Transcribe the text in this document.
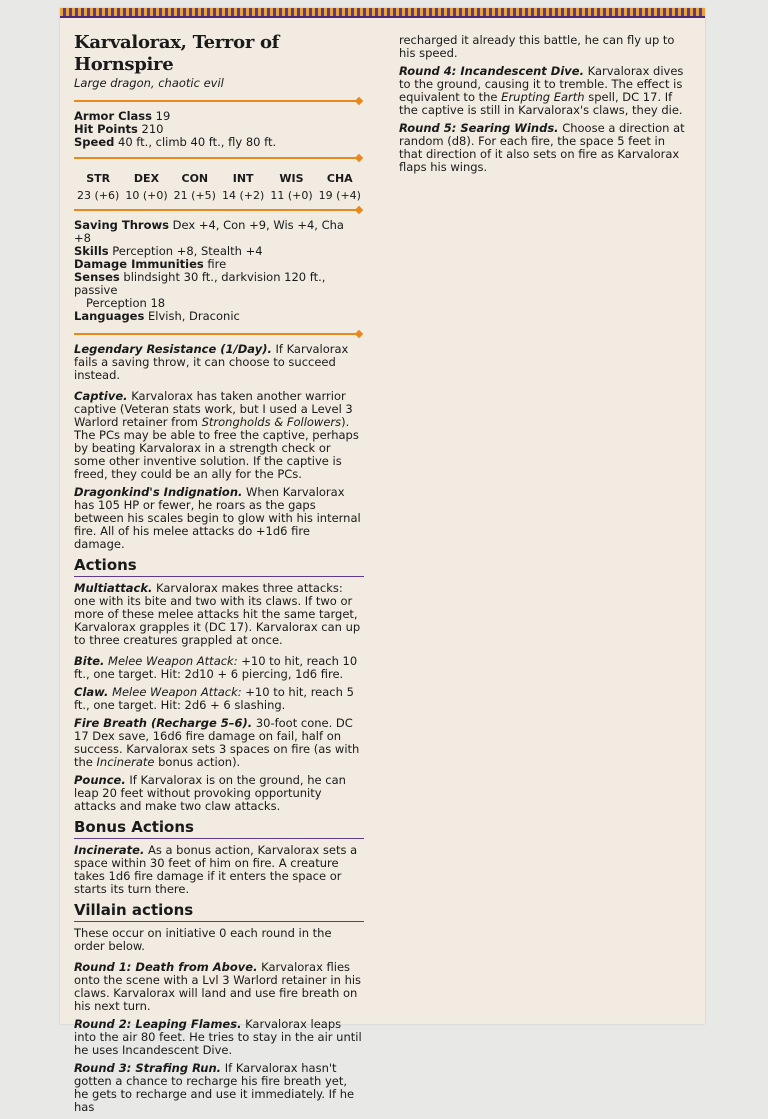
Karvalorax, Terror of Hornspire
Large dragon, chaotic evil
Armor Class 19
Hit Points 210
Speed 40 ft., climb 40 ft., fly 80 ft.
STR
23 (+6)
DEX
10 (+0)
CON
21 (+5)
INT
14 (+2)
WIS
11 (+0)
CHA
19 (+4)
Saving Throws Dex +4, Con +9, Wis +4, Cha +8
Skills Perception +8, Stealth +4
Damage Immunities fire
Senses blindsight 30 ft., darkvision 120 ft., passive
Perception 18
Languages Elvish, Draconic
Legendary Resistance (1/Day). If Karvalorax fails a saving throw, it can choose to succeed instead.
Captive. Karvalorax has taken another warrior captive (Veteran stats work, but I used a Level 3 Warlord retainer from Strongholds & Followers). The PCs may be able to free the captive, perhaps by beating Karvalorax in a strength check or some other inventive solution. If the captive is freed, they could be an ally for the PCs.
Dragonkind's Indignation. When Karvalorax has 105 HP or fewer, he roars as the gaps between his scales begin to glow with his internal fire. All of his melee attacks do +1d6 fire damage.
Actions
Multiattack. Karvalorax makes three attacks: one with its bite and two with its claws. If two or more of these melee attacks hit the same target, Karvalorax grapples it (DC 17). Karvalorax can up to three creatures grappled at once.
Bite. Melee Weapon Attack: +10 to hit, reach 10 ft., one target. Hit: 2d10 + 6 piercing, 1d6 fire.
Claw. Melee Weapon Attack: +10 to hit, reach 5 ft., one target. Hit: 2d6 + 6 slashing.
Fire Breath (Recharge 5–6). 30-foot cone. DC 17 Dex save, 16d6 fire damage on fail, half on success. Karvalorax sets 3 spaces on fire (as with the Incinerate bonus action).
Pounce. If Karvalorax is on the ground, he can leap 20 feet without provoking opportunity attacks and make two claw attacks.
Bonus Actions
Incinerate. As a bonus action, Karvalorax sets a space within 30 feet of him on fire. A creature takes 1d6 fire damage if it enters the space or starts its turn there.
Villain actions
These occur on initiative 0 each round in the order below.
Round 1: Death from Above. Karvalorax flies onto the scene with a Lvl 3 Warlord retainer in his claws. Karvalorax will land and use fire breath on his next turn.
Round 2: Leaping Flames. Karvalorax leaps into the air 80 feet. He tries to stay in the air until he uses Incandescent Dive.
Round 3: Strafing Run. If Karvalorax hasn't gotten a chance to recharge his fire breath yet, he gets to recharge and use it immediately. If he has
recharged it already this battle, he can fly up to his speed.
Round 4: Incandescent Dive. Karvalorax dives to the ground, causing it to tremble. The effect is equivalent to the Erupting Earth spell, DC 17. If the captive is still in Karvalorax's claws, they die.
Round 5: Searing Winds. Choose a direction at random (d8). For each fire, the space 5 feet in that direction of it also sets on fire as Karvalorax flaps his wings.
